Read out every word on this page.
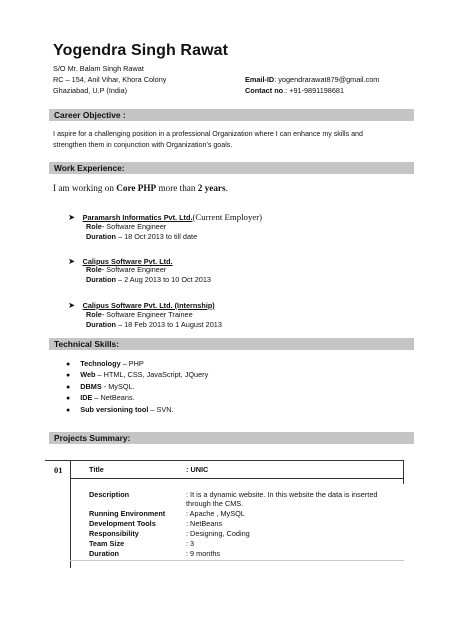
Yogendra Singh Rawat
S/O Mr. Balam Singh Rawat
RC – 154, Anil Vihar, Khora Colony
Ghaziabad, U.P (India)
Email-ID: yogendrarawat879@gmail.com
Contact no.: +91-9891198681
Career Objective :
I aspire for a challenging position in a professional Organization where I can enhance my skills and
strengthen them in conjunction with Organization’s goals.
Work Experience:
I am working on Core PHP more than 2 years.
➤ Paramarsh Informatics Pvt. Ltd.(Current Employer)
Role- Software Engineer
Duration – 18 Oct 2013 to till date
➤ Calipus Software Pvt. Ltd.
Role- Software Engineer
Duration – 2 Aug 2013 to 10 Oct 2013
➤ Calipus Software Pvt. Ltd. (Internship)
Role- Software Engineer Trainee
Duration – 18 Feb 2013 to 1 August 2013
Technical Skills:
● Technology – PHP
● Web – HTML, CSS, JavaScript, JQuery
● DBMS - MySQL.
● IDE – NetBeans.
● Sub versioning tool – SVN.
Projects Summary:
01	Title	: UNIC
Description	: It is a dynamic website. In this website the data is inserted
through the CMS.
Running Environment	: Apache , MySQL
Development Tools	: NetBeans
Responsibility	: Designing, Coding
Team Size	: 3
Duration	: 9 months
